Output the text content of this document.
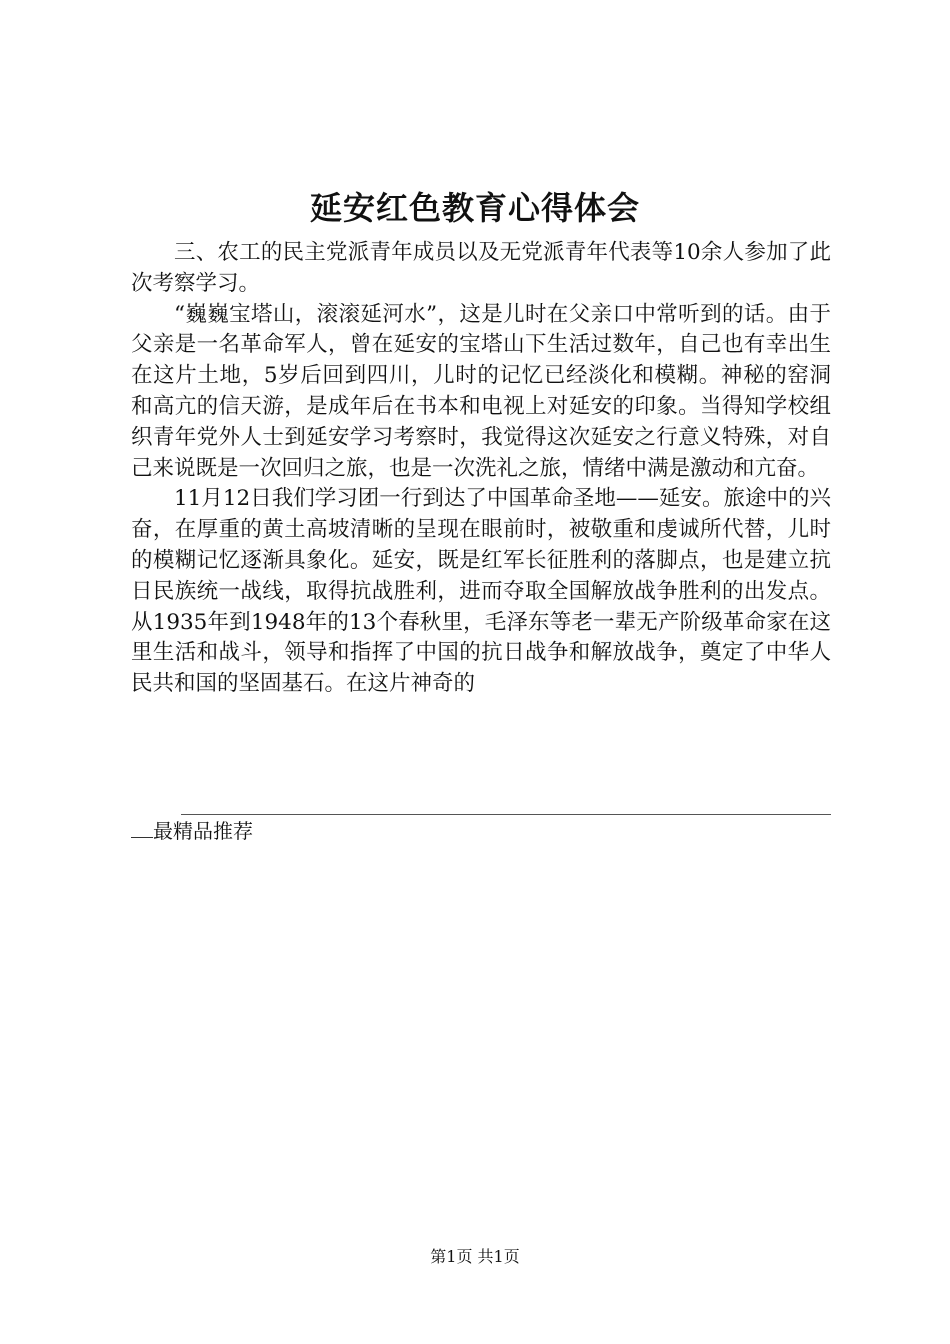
延安红色教育心得体会

三、农工的民主党派青年成员以及无党派青年代表等10余人参加了此次考察学习。

“巍巍宝塔山，滚滚延河水”，这是儿时在父亲口中常听到的话。由于父亲是一名革命军人，曾在延安的宝塔山下生活过数年，自己也有幸出生在这片土地，5岁后回到四川，儿时的记忆已经淡化和模糊。神秘的窑洞和高亢的信天游，是成年后在书本和电视上对延安的印象。当得知学校组织青年党外人士到延安学习考察时，我觉得这次延安之行意义特殊，对自己来说既是一次回归之旅，也是一次洗礼之旅，情绪中满是激动和亢奋。

11月12日我们学习团一行到达了中国革命圣地——延安。旅途中的兴奋，在厚重的黄土高坡清晰的呈现在眼前时，被敬重和虔诚所代替，儿时的模糊记忆逐渐具象化。延安，既是红军长征胜利的落脚点，也是建立抗日民族统一战线，取得抗战胜利，进而夺取全国解放战争胜利的出发点。从1935年到1948年的13个春秋里，毛泽东等老一辈无产阶级革命家在这里生活和战斗，领导和指挥了中国的抗日战争和解放战争，奠定了中华人民共和国的坚固基石。在这片神奇的

最精品推荐
第1页 共1页
